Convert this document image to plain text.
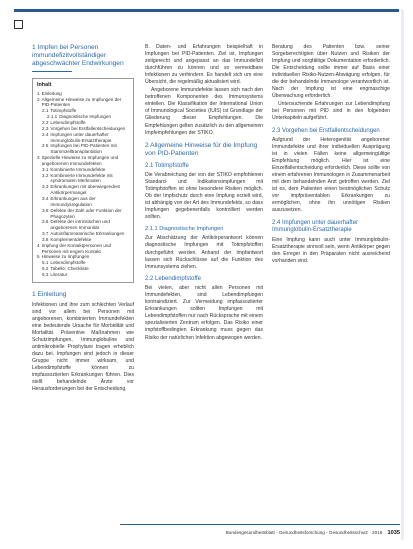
1 Impfen bei Personen
immundefizitvollständiger
abgeschwächter Endwirkungen
Inhalt
1 Einleitung
2 Allgemeine Hinweise zu Impfungen der PID-Patienten
2.1 Totimpfstoffe
2.1.1 Diagnostische Impfungen
2.2 Lebendimpfstoffe
2.3 Vorgehen bei Erstfallentscheidungen
2.4 Impfungen unter dauerhafter Immunglobulin-Ersatztherapie
2.5 Impfungen bei PID-Patienten mit Stammzelltransplantation
3 Spezielle Hinweise zu Impfungen und angeborenen Immundefekten
3.1 Kombinierte Immundefekte
3.2 Kombinierte Immundefekte mit syndromalen Merkmalen
3.3 Erkrankungen mit überwiegendem Antikörpermangel
3.4 Erkrankungen aus der Immundysregulation
3.5 Defekte der Zahl oder Funktion der Phagozyten
3.6 Defekte der intrinsischen und angeborenen Immunität
3.7 Autoinflammatorische Erkrankungen
3.8 Komplementdefekte
4 Impfung der Kontaktpersonen und Personen mit engem Kontakt
5 Hinweise zu Impfungen
5.1 Lebendimpfstoffe
5.2 Tabelle, Checkliste
5.3 Literatur
1 Einleitung

Infektionen und ihre zum schlechten Verlauf sind vor allem bei Personen mit angeborenen, kombinierten Immundefekten eine bedeutende Ursache für Morbidität und Mortalität. Präventive Maßnahmen wie Schutzimpfungen, Immunglobuline und antimikrobielle Prophylaxe tragen erheblich dazu bei. Impfungen sind jedoch in dieser Gruppe nicht immer wirksam, und Lebendimpfstoffe können zu impfassoziierten Erkrankungen führen. Dies stellt behandelnde Ärzte vor Herausforderungen bei der Entscheidung.

B. Daten- und Erfahrungen beispielhaft in Impfungen bei PID-Patienten. Ziel ist, Impfungen zeitgerecht und angepasst an das Immundefizit durchführen zu können und so vermeidbare Infektionen zu verhindern. Es handelt sich um eine Übersicht, die regelmäßig aktualisiert wird.

Angeborene Immundefekte lassen sich nach den betroffenen Komponenten des Immunsystems einteilen. Die Klassifikation der International Union of Immunological Societies (IUIS) ist Grundlage der Gliederung dieser Empfehlungen. Die Empfehlungen gelten zusätzlich zu den allgemeinen Impfempfehlungen der STIKO.

2 Allgemeine Hinweise für die Impfung von PID-Patienten
2.1 Totimpfstoffe

Die Verabreichung der von der STIKO empfohlenen Standard- und Indikationsimpfungen mit Totimpfstoffen ist ohne besondere Risiken möglich. Ob der Impfschutz durch eine Impfung erzielt wird, ist abhängig von der Art des Immundefekts, so dass Impfungen gegebenenfalls kontrolliert werden sollten.

2.1.1 Diagnostische Impfungen

Zur Abschätzung der Antikörperantwort können diagnostische Impfungen mit Totimpfstoffen durchgeführt werden. Anhand der Impfantwort lassen sich Rückschlüsse auf die Funktion des Immunsystems ziehen.

2.2 Lebendimpfstoffe

Bei vielen, aber nicht allen Personen mit Immundefekten, sind Lebendimpfungen kontraindiziert. Zur Vermeidung impfassoziierter Erkrankungen sollten Impfungen mit Lebendimpfstoffen nur nach Rücksprache mit einem spezialisierten Zentrum erfolgen. Das Risiko einer impfstoffbedingten Erkrankung muss gegen das Risiko der natürlichen Infektion abgewogen werden.

Beratung des Patienten bzw. seiner Sorgeberechtigten über Nutzen und Risiken der Impfung und sorgfältige Dokumentation erforderlich. Die Entscheidung sollte immer auf Basis einer individuellen Risiko-Nutzen-Abwägung erfolgen, für die der behandelnde Immunologe verantwortlich ist. Nach der Impfung ist eine engmaschige Überwachung erforderlich.

Untersuchende Erfahrungen zur Lebendimpfung bei Personen mit PID sind in den folgenden Unterkapiteln aufgeführt.

2.3 Vorgehen bei Erstfallentscheidungen

Aufgrund der Heterogenität angeborener Immundefekte und ihrer individuellen Ausprägung ist in vielen Fällen keine allgemeingültige Empfehlung möglich. Hier ist eine Einzelfallentscheidung erforderlich. Diese sollte von einem erfahrenen Immunologen in Zusammenarbeit mit dem behandelnden Arzt getroffen werden. Ziel ist es, dem Patienten einen bestmöglichen Schutz vor impfpräventablen Erkrankungen zu ermöglichen, ohne ihn unnötigen Risiken auszusetzen.

2.4 Impfungen unter dauerhafter Immunglobulin-Ersatztherapie

Eine Impfung kann auch unter Immunglobulin-Ersatztherapie sinnvoll sein, wenn Antikörper gegen den Erreger in den Präparaten nicht ausreichend vorhanden sind.

Bundesgesundheitsblatt - Gesundheitsforschung - Gesundheitsschutz · 2018 1035
